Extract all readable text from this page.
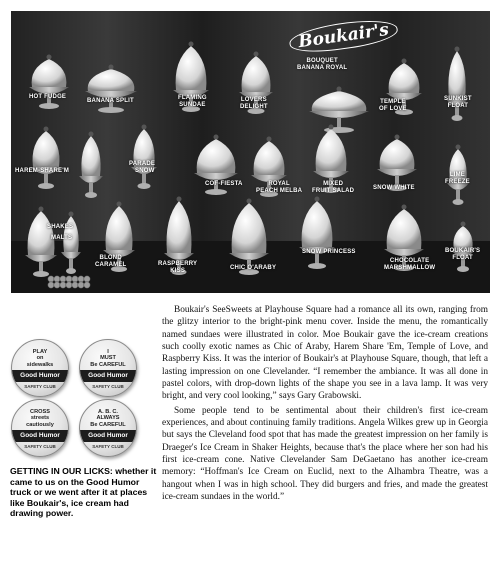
Boukair's
HOT FUDGE
BANANA SPLIT	FLAMING
SUNDAE
LOVERS
DELIGHT
BOUQUET
BANANA ROYAL
TEMPLE
OF LOVE
SUNKIST
FLOAT
HAREM-SHARE'M
PARADE
SNOW
COF-FIESTA	ROYAL
PEACH MELBA
MIXED
FRUIT SALAD	SNOW WHITE
LIME
FREEZE
SHAKES
MALTS
BLOND
CARAMEL	RASPBERRY
KISS	CHIC O'ARABY
SNOW PRINCESS
CHOCOLATE
MARSHMALLOW
BOUKAIR'S
FLOAT
PLAY
on
sidewalks
Good Humor
SAFETY CLUB
I
MUST
Be CAREFUL
Good Humor
SAFETY CLUB
CROSS
streets
cautiously
Good Humor
SAFETY CLUB
A. B. C.
ALWAYS
Be CAREFUL
Good Humor
SAFETY CLUB
GETTING IN OUR LICKS: whether it came to us on the Good Humor truck or we went after it at places like Boukair's, ice cream had drawing power.

Boukair's SeeSweets at Playhouse Square had a romance all its own, ranging from the glitzy interior to the bright-pink menu cover. Inside the menu, the romantically named sundaes were illustrated in color. Moe Boukair gave the ice-cream creations such coolly exotic names as Chic of Araby, Harem Share 'Em, Temple of Love, and Raspberry Kiss. It was the interior of Boukair's at Playhouse Square, though, that left a lasting impression on one Clevelander. “I remember the ambiance. It was all done in pastel colors, with drop-down lights of the shape you see in a lava lamp. It was very bright, and very cool looking,” says Gary Grabowski.

Some people tend to be sentimental about their children's first ice-cream experiences, and about continuing family traditions. Angela Wilkes grew up in Georgia but says the Cleveland food spot that has made the greatest impression on her family is Draeger's Ice Cream in Shaker Heights, because that's the place where her son had his first ice-cream cone. Native Clevelander Sam DeGaetano has another ice-cream memory: “Hoffman's Ice Cream on Euclid, next to the Alhambra Theatre, was a hangout when I was in high school. They did burgers and fries, and made the greatest ice-cream sundaes in the world.”
